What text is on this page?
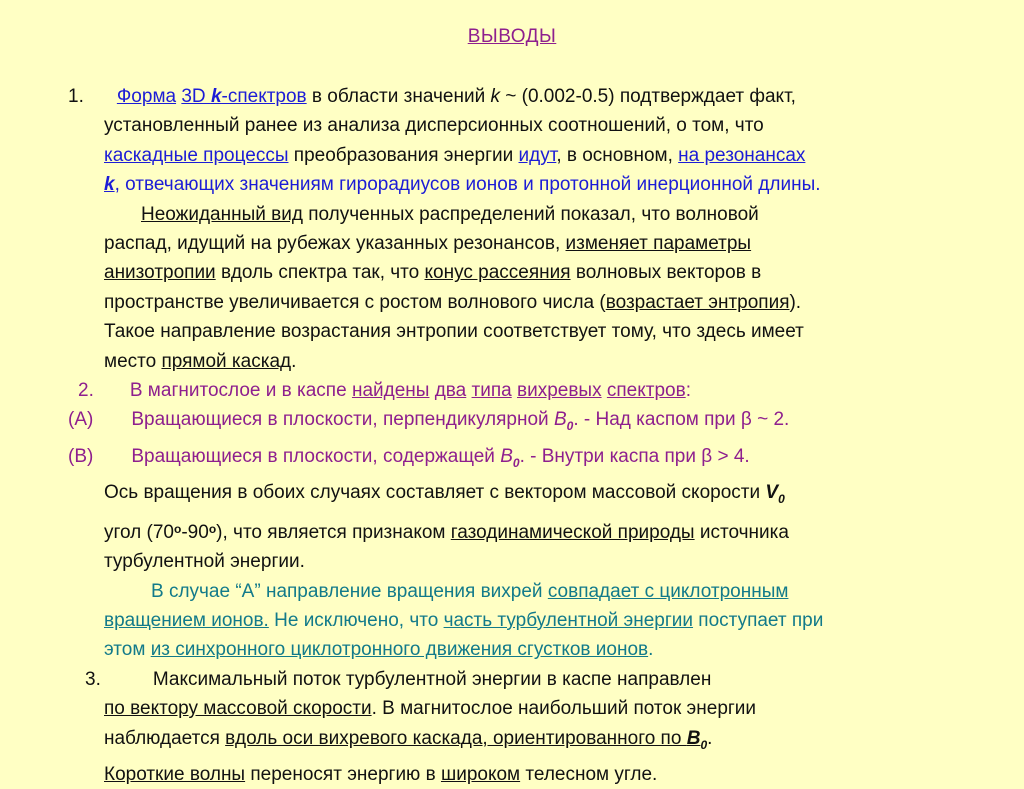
ВЫВОДЫ
1. Форма 3D k-спектров в области значений k ~ (0.002-0.5) подтверждает факт,
установленный ранее из анализа дисперсионных соотношений, о том, что
каскадные процессы преобразования энергии идут, в основном, на резонансах
k, отвечающих значениям гирорадиусов ионов и протонной инерционной длины.
Неожиданный вид полученных распределений показал, что волновой
распад, идущий на рубежах указанных резонансов, изменяет параметры
анизотропии вдоль спектра так, что конус рассеяния волновых векторов в
пространстве увеличивается с ростом волнового числа (возрастает энтропия).
Такое направление возрастания энтропии соответствует тому, что здесь имеет
место прямой каскад.
2. В магнитослое и в каспе найдены два типа вихревых спектров:
(A) Вращающиеся в плоскости, перпендикулярной $B_0$. - Над каспом при β ~ 2.
(B) Вращающиеся в плоскости, содержащей $B_0$. - Внутри каспа при β > 4.
Ось вращения в обоих случаях составляет с вектором массовой скорости $V_0$
угол (70$^o$-90$^o$), что является признаком газодинамической природы источника
турбулентной энергии.
В случае “А” направление вращения вихрей совпадает с циклотронным
вращением ионов. Не исключено, что часть турбулентной энергии поступает при
этом из синхронного циклотронного движения сгустков ионов.
3.	Максимальный поток турбулентной энергии в каспе направлен
по вектору массовой скорости. В магнитослое наибольший поток энергии
наблюдается вдоль оси вихревого каскада, ориентированного по $B_0$.
Короткие волны переносят энергию в широком телесном угле.
